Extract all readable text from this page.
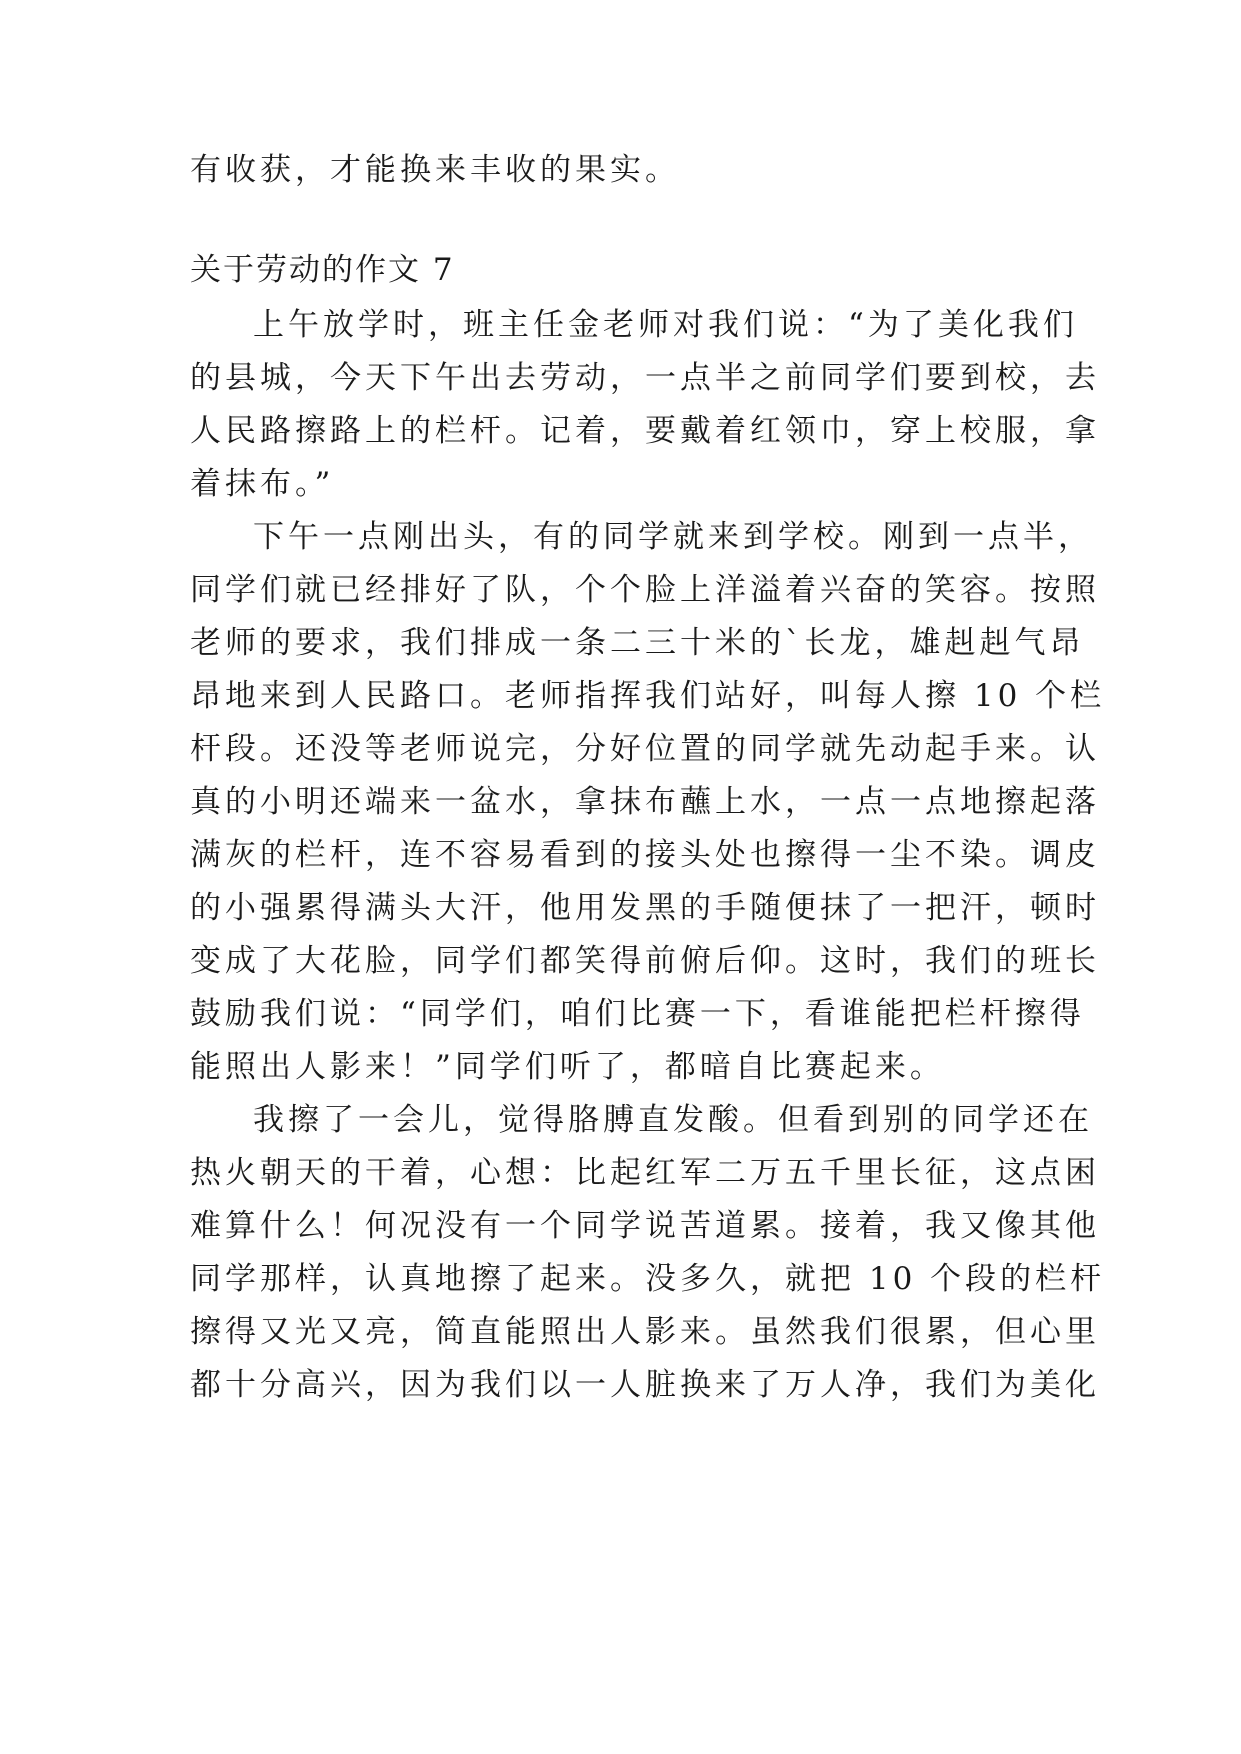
有收获，才能换来丰收的果实。
关于劳动的作文 7
上午放学时，班主任金老师对我们说：“为了美化我们
的县城，今天下午出去劳动，一点半之前同学们要到校，去
人民路擦路上的栏杆。记着，要戴着红领巾，穿上校服，拿
着抹布。”
下午一点刚出头，有的同学就来到学校。刚到一点半，
同学们就已经排好了队，个个脸上洋溢着兴奋的笑容。按照
老师的要求，我们排成一条二三十米的`长龙，雄赳赳气昂
昂地来到人民路口。老师指挥我们站好，叫每人擦 10 个栏
杆段。还没等老师说完，分好位置的同学就先动起手来。认
真的小明还端来一盆水，拿抹布蘸上水，一点一点地擦起落
满灰的栏杆，连不容易看到的接头处也擦得一尘不染。调皮
的小强累得满头大汗，他用发黑的手随便抹了一把汗，顿时
变成了大花脸，同学们都笑得前俯后仰。这时，我们的班长
鼓励我们说：“同学们，咱们比赛一下，看谁能把栏杆擦得
能照出人影来！”同学们听了，都暗自比赛起来。
我擦了一会儿，觉得胳膊直发酸。但看到别的同学还在
热火朝天的干着，心想：比起红军二万五千里长征，这点困
难算什么！何况没有一个同学说苦道累。接着，我又像其他
同学那样，认真地擦了起来。没多久，就把 10 个段的栏杆
擦得又光又亮，简直能照出人影来。虽然我们很累，但心里
都十分高兴，因为我们以一人脏换来了万人净，我们为美化
